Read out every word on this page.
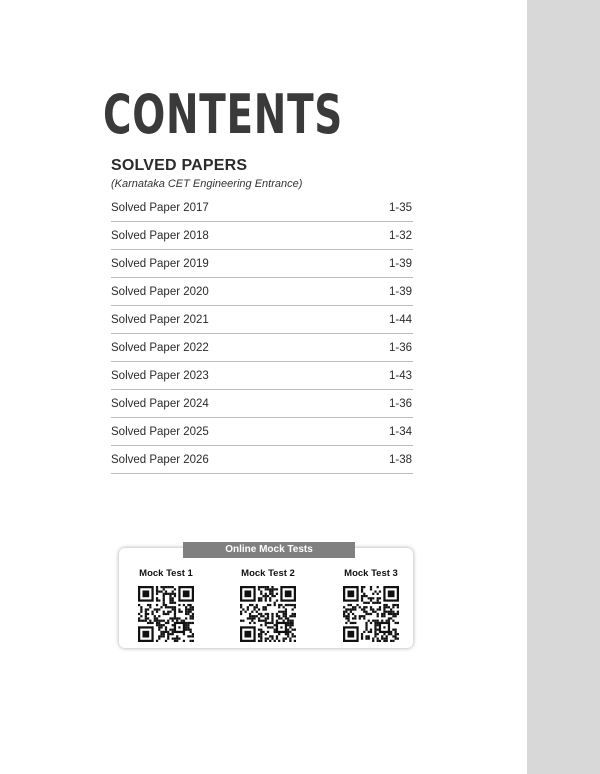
CONTENTS
SOLVED PAPERS

(Karnataka CET Engineering Entrance)

Solved Paper 2017	1-35
Solved Paper 2018	1-32
Solved Paper 2019	1-39
Solved Paper 2020	1-39
Solved Paper 2021	1-44
Solved Paper 2022	1-36
Solved Paper 2023	1-43
Solved Paper 2024	1-36
Solved Paper 2025	1-34
Solved Paper 2026	1-38
Online Mock Tests
Mock Test 1	Mock Test 2	Mock Test 3
